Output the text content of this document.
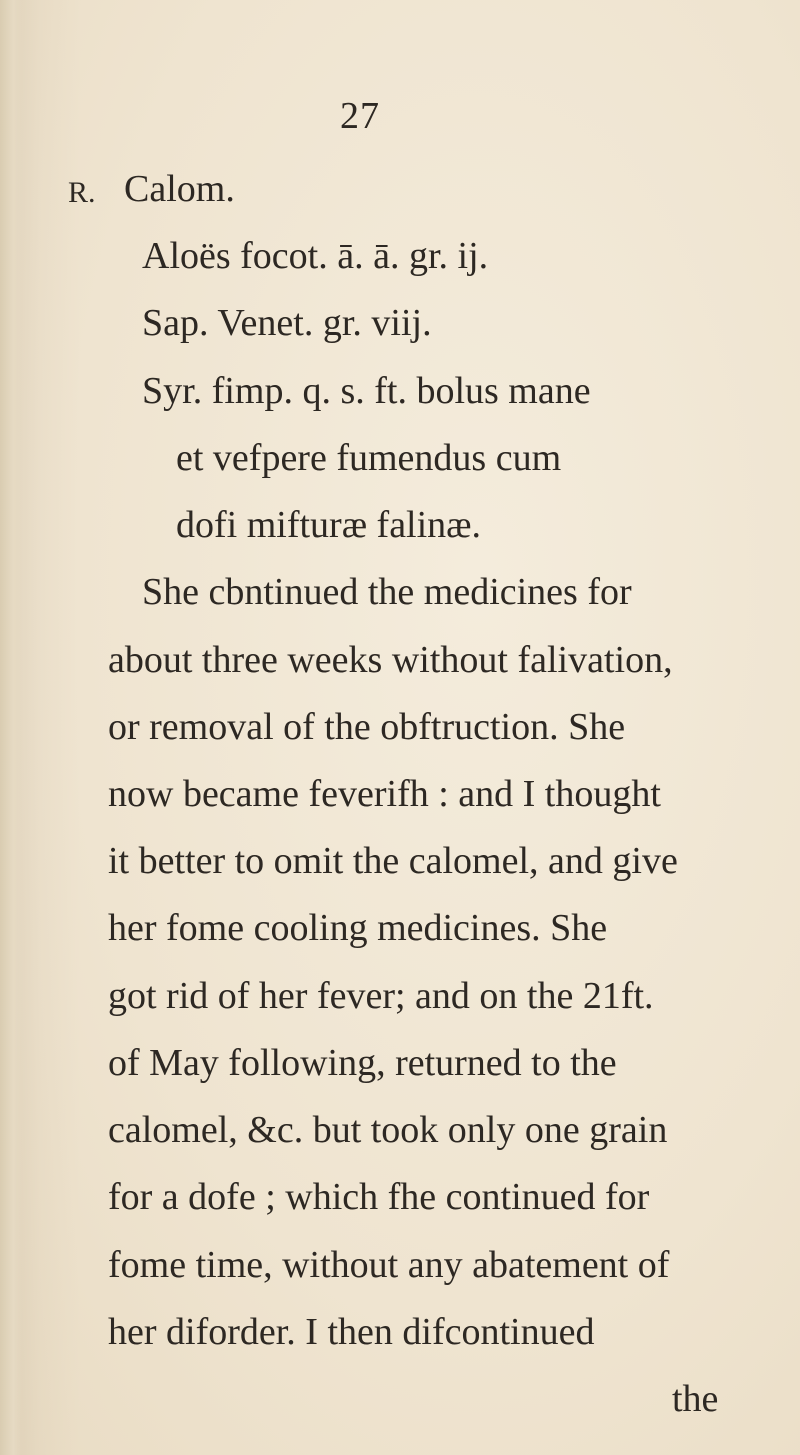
27
R. Calom.
Aloës focot. ā. ā. gr. ij.
Sap. Venet. gr. viij.
Syr. fimp. q. s. ft. bolus mane
et vefpere fumendus cum
dofi mifturæ falinæ.
She cbntinued the medicines for
about three weeks without falivation,
or removal of the obftruction. She
now became feverifh : and I thought
it better to omit the calomel, and give
her fome cooling medicines. She
got rid of her fever; and on the 21ft.
of May following, returned to the
calomel, &c. but took only one grain
for a dofe ; which fhe continued for
fome time, without any abatement of
her diforder. I then difcontinued
the
